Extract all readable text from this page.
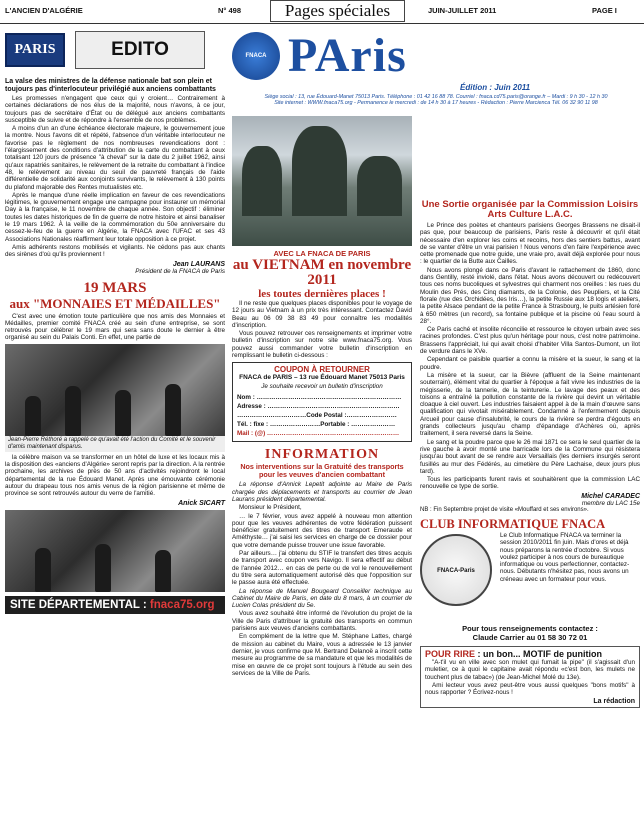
L'ANCIEN D'ALGÉRIE	N° 498	Pages spéciales	JUIN-JUILLET 2011	PAGE I
PARIS	EDITO
La valse des ministres de la défense nationale bat son plein et toujours pas d'interlocuteur privilégié aux anciens combattants

Les promesses n'engagent que ceux qui y croient… Contrairement à certaines déclarations de nos élus de la majorité, nous n'avons, à ce jour, toujours pas de secrétaire d'État ou de délégué aux anciens combattants susceptible de suivre et de répondre à l'ensemble de nos problèmes.

A moins d'un an d'une échéance électorale majeure, le gouvernement joue la montre. Nous l'avons dit et répété, l'absence d'un véritable interlocuteur ne favorise pas le règlement de nos nombreuses revendications dont : l'élargissement des conditions d'attribution de la carte du combattant à ceux totalisant 120 jours de présence "à cheval" sur la date du 2 juillet 1962, ainsi qu'aux rapatriés sanitaires, le relèvement de la retraite du combattant à l'indice 48, le relèvement au niveau du seuil de pauvreté français de l'aide différentielle de solidarité aux conjoints survivants, le relèvement à 130 points du plafond majorable des Rentes mutualistes etc.

Après le manque d'une réelle implication en faveur de ces revendications légitimes, le gouvernement engage une campagne pour instaurer un mémorial Day à la française, le 11 novembre de chaque année. Son objectif : éliminer toutes les dates historiques de fin de guerre de notre histoire et ainsi banaliser le 19 mars 1962. À la veille de la commémoration du 50e anniversaire du cessez-le-feu de la guerre en Algérie, la FNACA avec l'UFAC et ses 43 Associations Nationales réaffirment leur totale opposition à ce projet.

Amis adhérents restons mobilisés et vigilants. Ne cédons pas aux chants des sirènes d'où qu'ils proviennent !

Jean LAURANS
Président de la FNACA de Paris
19 MARS
aux "MONNAIES ET MÉDAILLES"

C'est avec une émotion toute particulière que nos amis des Monnaies et Médailles, premier comité FNACA créé au sein d'une entreprise, se sont retrouvés pour célébrer le 19 mars qui sera sans doute le dernier à être organisé au sein du Palais Conti. En effet, une partie de

Jean-Pierre Réthoré a rappelé ce qu'avait été l'action du Comité et le souvenir d'amis maintenant disparus.

la célèbre maison va se transformer en un hôtel de luxe et les locaux mis à la disposition des «anciens d'Algérie» seront repris par la direction. A la rentrée prochaine, les archives de près de 50 ans d'activités rejoindront le local départemental de la rue Édouard Manet. Après une émouvante cérémonie autour du drapeau tous nos amis venus de la région parisienne et même de province se sont retrouvés autour du verre de l'amitié.

Anick SICART
SITE DÉPARTEMENTAL : fnaca75.org
FNACA PAris
Édition : Juin 2011
Siège social : 13, rue Édouard-Manet 75013 Paris. Téléphone : 01 42 16 88 78. Courriel : fnaca.cd75.paris@orange.fr – Mardi : 9 h 30 - 12 h 30
Site internet : WWW.fnaca75.org - Permanence le mercredi : de 14 h 30 à 17 heures - Rédaction : Pierre Marcienca Tél. 06 32 90 11 98
AVEC LA FNACA DE PARIS
au VIETNAM en novembre 2011
les toutes dernières places !

Il ne reste que quelques places disponibles pour le voyage de 12 jours au Vietnam à un prix très intéressant. Contactez David Beau au 06 09 38 83 49 pour connaître les modalités d'inscription.

Vous pouvez retrouver ces renseignements et imprimer votre bulletin d'inscription sur notre site www.fnaca75.org. Vous pouvez aussi commander votre bulletin d'inscription en remplissant le bulletin ci-dessous :

COUPON À RETOURNER
FNACA de PARIS – 13 rue Édouard Manet 75013 Paris
Je souhaite recevoir un bulletin d'inscription
Nom : ……………………………………………………………
Adresse : ………………………………………………………
……………………………Code Postal :……………………
Tél. : fixe : ……………………Portable : …………………
Mail : (@) ………………………………………………………
INFORMATION
Nos interventions sur la Gratuité des transports pour les veuves d'ancien combattant

La réponse d'Annick Lepetit adjointe au Maire de Paris chargée des déplacements et transports au courrier de Jean Laurans président départemental.

Monsieur le Président,

… le 7 février, vous avez appelé à nouveau mon attention pour que les veuves adhérentes de votre fédération puissent bénéficier gratuitement des titres de transport Emeraude et Améthyste… j'ai saisi les services en charge de ce dossier pour que votre demande puisse trouver une issue favorable.

Par ailleurs… j'ai obtenu du STIF le transfert des titres acquis de transport avec coupon vers Navigo. Il sera effectif au début de l'année 2012… en cas de perte ou de vol le renouvellement du titre sera automatiquement autorisé dès que l'opposition sur le passe aura été effectuée.

La réponse de Manuel Bougeard Conseiller technique au Cabinet du Maire de Paris, en date du 8 mars, à un courrier de Lucien Colas président du 5e.

Vous avez souhaité être informé de l'évolution du projet de la Ville de Paris d'attribuer la gratuité des transports en commun parisiens aux veuves d'anciens combattants.

En complément de la lettre que M. Stéphane Lattes, chargé de mission au cabinet du Maire, vous a adressée le 13 janvier dernier, je vous confirme que M. Bertrand Delanoë a inscrit cette mesure au programme de sa mandature et que les modalités de mise en œuvre de ce projet sont toujours à l'étude au sein des services de la Ville de Paris.

Une Sortie organisée par la Commission Loisirs Arts Culture L.A.C.

Le Prince des poètes et chanteurs parisiens Georges Brassens ne disait-il pas que, pour beaucoup de parisiens, Paris reste à découvrir et qu'il était nécessaire d'en explorer les coins et recoins, hors des sentiers battus, avant de se vanter d'être un vrai parisien ! Nous venons d'en faire l'expérience avec cette promenade que notre guide, une vraie pro, avait déjà explorée pour nous : le quartier de la Butte aux Cailles.

Nous avons plongé dans ce Paris d'avant le rattachement de 1860, donc dans Gentilly, resté inviolé, dans l'état. Nous avons découvert ou redécouvert tous ces noms bucoliques et sylvestres qui charment nos oreilles : les rues du Moulin des Prés, des Cinq diamants, de la Colonie, des Peupliers, et la Cité florale (rue des Orchidées, des Iris…), la petite Russie aux 18 logis et ateliers, la petite Alsace pendant de la petite France à Strasbourg, le puits artésien foré à 650 mètres (un record), sa fontaine publique et la piscine où l'eau sourd à 28°.

Ce Paris caché et insolite réconcilie et ressource le citoyen urbain avec ses racines profondes. C'est plus qu'un héritage pour nous, c'est notre patrimoine. Brassens l'appréciait, lui qui avait choisi d'habiter Villa Santos-Dumont, un îlot de verdure dans le XVe.

Cependant ce paisible quartier a connu la misère et la sueur, le sang et la poudre.

La misère et la sueur, car la Bièvre (affluent de la Seine maintenant souterrain), élément vital du quartier à l'époque a fait vivre les industries de la mégisserie, de la tannerie, de la teinturerie. Le lavage des peaux et des toisons a entraîné la pollution constante de la rivière qui devint un véritable cloaque à ciel ouvert. Les industries faisaient appel à de la main d'œuvre sans qualification qui vivotait misérablement. Condamné à l'enfermement depuis Arcueil pour cause d'insalubrité, le cours de la rivière se perdra d'égouts en grands collecteurs jusqu'au champ d'épandage d'Achères où, après traitement, il sera reversé dans la Seine.

Le sang et la poudre parce que le 26 mai 1871 ce sera le seul quartier de la rive gauche à avoir monté une barricade lors de la Commune qui résistera jusqu'au bout avant de se rendre aux Versaillais (les derniers insurgés seront fusillés au mur des Fédérés, au cimetière du Père Lachaise, deux jours plus tard).

Tous les participants furent ravis et souhaitèrent que la commission LAC renouvelle ce type de sortie.

Michel CARADEC
membre du LAC 15e
NB : Fin Septembre projet de visite «Mouffard et ses environs».
CLUB INFORMATIQUE FNACA
FNACA-Paris
Le Club Informatique FNACA va terminer la session 2010/2011 fin juin. Mais d'ores et déjà nous préparons la rentrée d'octobre. Si vous voulez participer à nos cours de bureautique informatique ou vous perfectionner, contactez-nous. Débutants n'hésitez pas, nous avons un créneau avec un formateur pour vous.
Pour tous renseignements contactez :
Claude Carrier au 01 58 30 72 01
POUR RIRE : un bon... MOTIF de punition

"A-t'il vu en ville avec son mulet qui fumait la pipe" (il s'agissait d'un muletier, ce à quoi le capitaine avait répondu «c'est bon, les mulets ne touchent plus de tabac») (de Jean-Michel Molé du 13e).

Ami lecteur vous avez peut-être vous aussi quelques "bons motifs" à nous rapporter ? Écrivez-nous !

La rédaction
